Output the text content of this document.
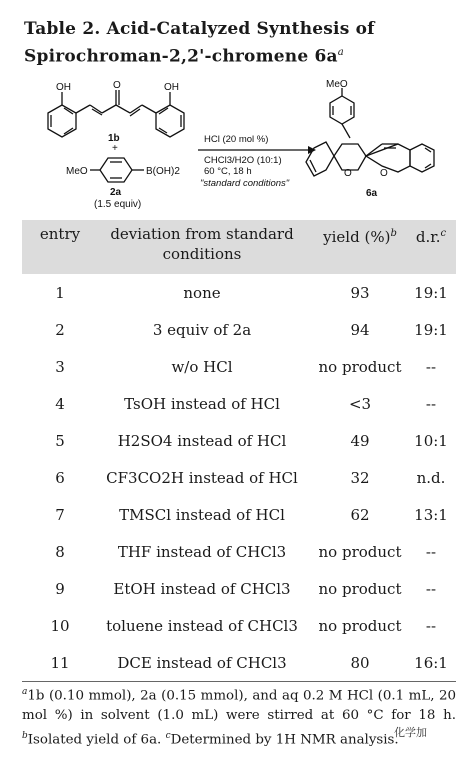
Table 2. Acid-Catalyzed Synthesis of Spirochroman-2,2'-chromene $6a^a$
OH	OH
O
1b
+
MeO	B(OH)2
2a
(1.5 equiv)
HCl (20 mol %)
CHCl3/H2O (10:1)
60 °C, 18 h
"standard conditions"
MeO
O	O
6a
entry	deviation from standard conditions
yield (%)$^b$	d.r.$^c$
1	none	93	19:1
2	3 equiv of 2a	94	19:1
3	w/o HCl	no product	--
4	TsOH instead of HCl	<3	--
5	H2SO4 instead of HCl	49	10:1
6	CF3CO2H instead of HCl	32	n.d.
7	TMSCl instead of HCl	62	13:1
8	THF instead of CHCl3	no product	--
9	EtOH instead of CHCl3	no product	--
10	toluene instead of CHCl3	no product	--
11	DCE instead of CHCl3	80	16:1
$^a$1b (0.10 mmol), 2a (0.15 mmol), and aq 0.2 M HCl (0.1 mL, 20 mol %) in solvent (1.0 mL) were stirred at 60 °C for 18 h. $^b$Isolated yield of 6a. $^c$Determined by 1H NMR analysis.
化学加
